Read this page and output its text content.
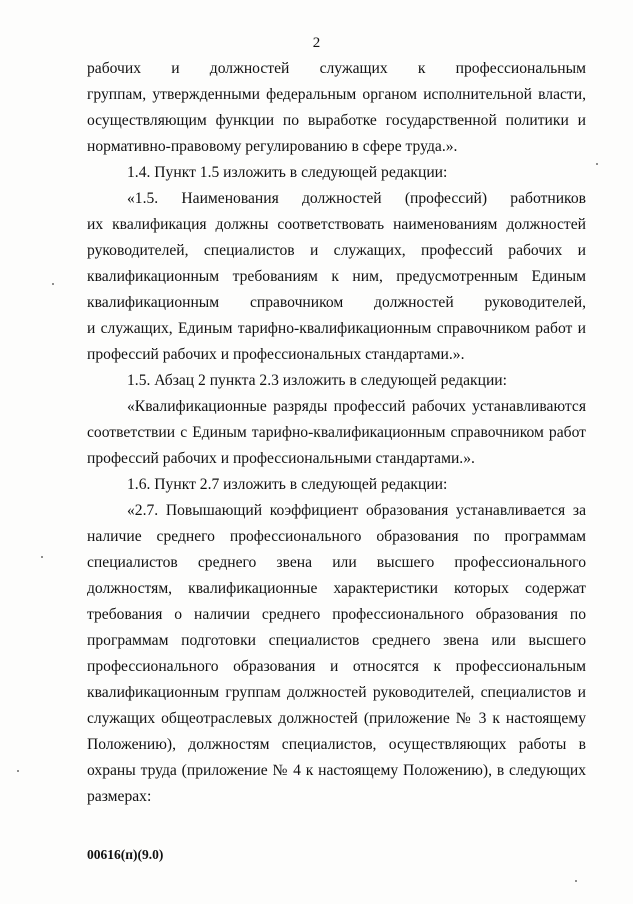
2
рабочих и должностей служащих к профессиональным
группам, утвержденными федеральным органом исполнительной власти,
осуществляющим функции по выработке государственной политики и
нормативно-правовому регулированию в сфере труда.».
1.4. Пункт 1.5 изложить в следующей редакции:
«1.5. Наименования должностей (профессий) работников
их квалификация должны соответствовать наименованиям должностей
руководителей, специалистов и служащих, профессий рабочих и
квалификационным требованиям к ним, предусмотренным Единым
квалификационным справочником должностей руководителей,
и служащих, Единым тарифно-квалификационным справочником работ и
профессий рабочих и профессиональных стандартами.».
1.5. Абзац 2 пункта 2.3 изложить в следующей редакции:
«Квалификационные разряды профессий рабочих устанавливаются
соответствии с Единым тарифно-квалификационным справочником работ
профессий рабочих и профессиональными стандартами.».
1.6. Пункт 2.7 изложить в следующей редакции:
«2.7. Повышающий коэффициент образования устанавливается за
наличие среднего профессионального образования по программам
специалистов среднего звена или высшего профессионального
должностям, квалификационные характеристики которых содержат
требования о наличии среднего профессионального образования по
программам подготовки специалистов среднего звена или высшего
профессионального образования и относятся к профессиональным
квалификационным группам должностей руководителей, специалистов и
служащих общеотраслевых должностей (приложение № 3 к настоящему
Положению), должностям специалистов, осуществляющих работы в
охраны труда (приложение № 4 к настоящему Положению), в следующих
размерах:
00616(п)(9.0)
